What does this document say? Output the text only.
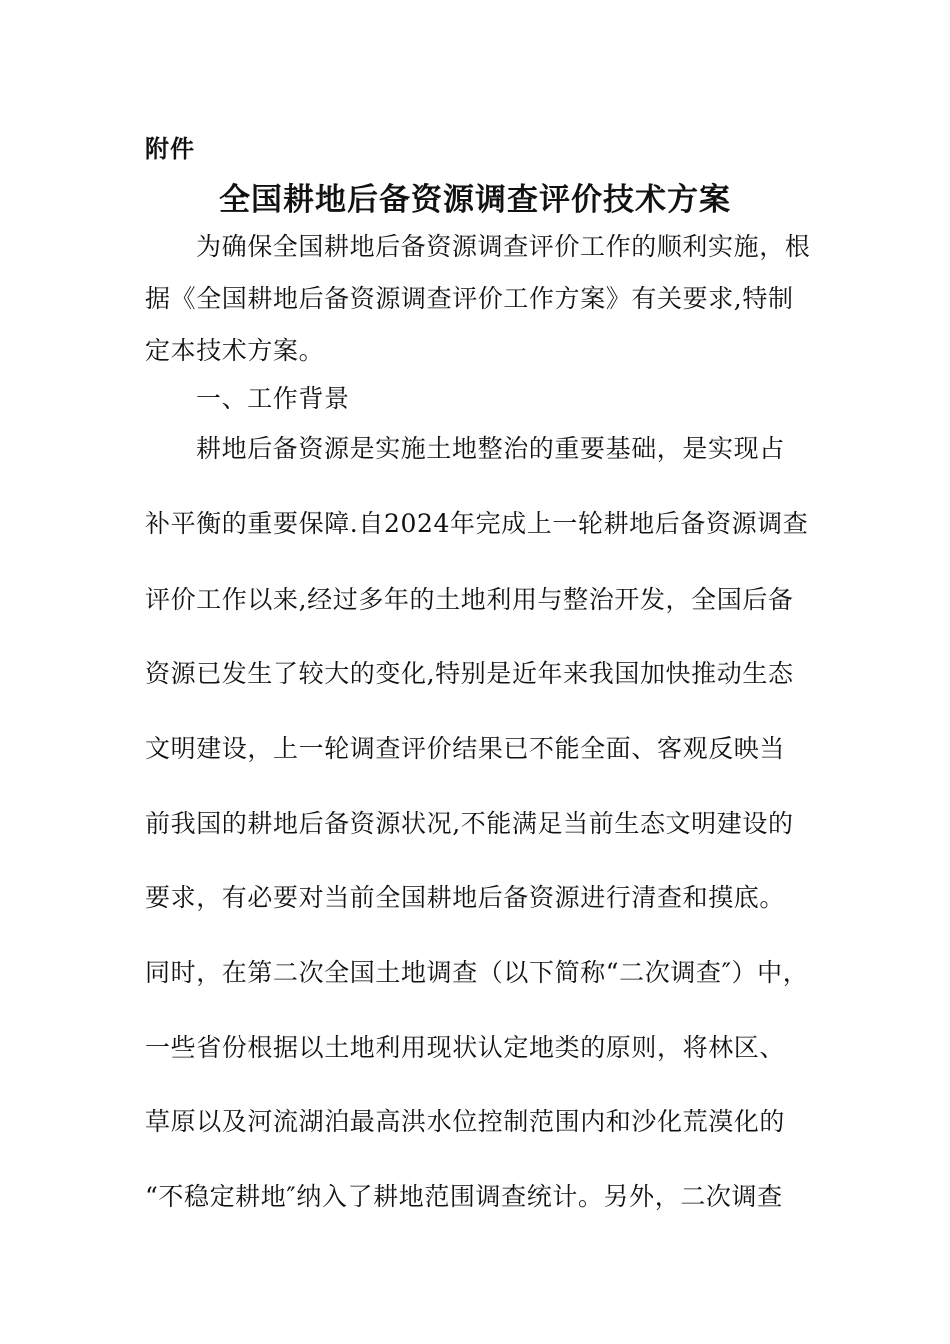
附件
全国耕地后备资源调查评价技术方案
为确保全国耕地后备资源调查评价工作的顺利实施，根
据《全国耕地后备资源调查评价工作方案》有关要求,特制
定本技术方案。
一、工作背景
耕地后备资源是实施土地整治的重要基础，是实现占
补平衡的重要保障.自2024年完成上一轮耕地后备资源调查
评价工作以来,经过多年的土地利用与整治开发，全国后备
资源已发生了较大的变化,特别是近年来我国加快推动生态
文明建设，上一轮调查评价结果已不能全面、客观反映当
前我国的耕地后备资源状况,不能满足当前生态文明建设的
要求，有必要对当前全国耕地后备资源进行清查和摸底。
同时，在第二次全国土地调查（以下简称“二次调查″）中，
一些省份根据以土地利用现状认定地类的原则，将林区、
草原以及河流湖泊最高洪水位控制范围内和沙化荒漠化的
“不稳定耕地″纳入了耕地范围调查统计。另外，二次调查
